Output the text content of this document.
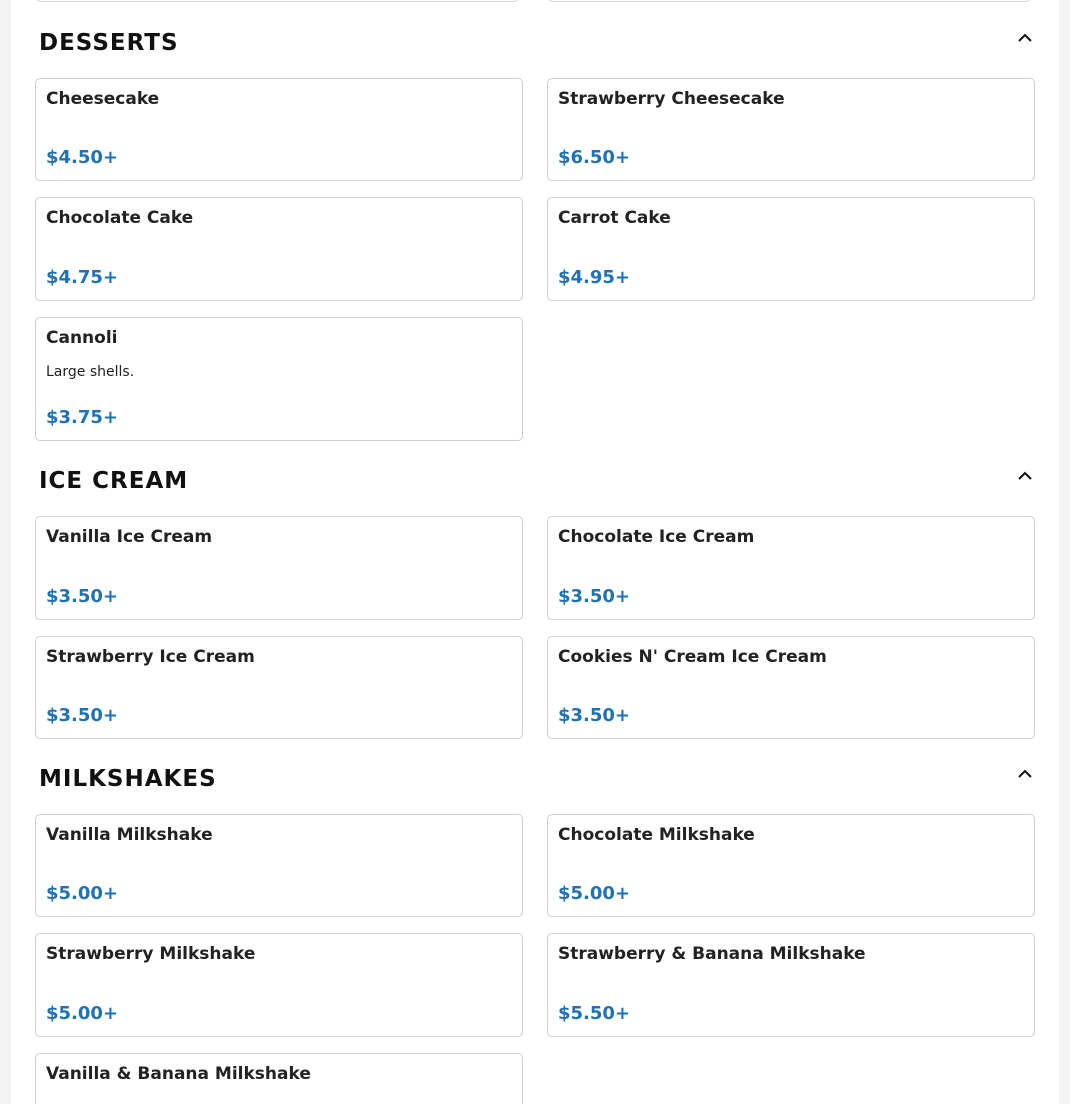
DESSERTS
Cheesecake
$4.50+
Strawberry Cheesecake
$6.50+
Chocolate Cake
$4.75+
Carrot Cake
$4.95+
Cannoli
Large shells.
$3.75+
ICE CREAM
Vanilla Ice Cream
$3.50+
Chocolate Ice Cream
$3.50+
Strawberry Ice Cream
$3.50+
Cookies N' Cream Ice Cream
$3.50+
MILKSHAKES
Vanilla Milkshake
$5.00+
Chocolate Milkshake
$5.00+
Strawberry Milkshake
$5.00+
Strawberry & Banana Milkshake
$5.50+
Vanilla & Banana Milkshake
